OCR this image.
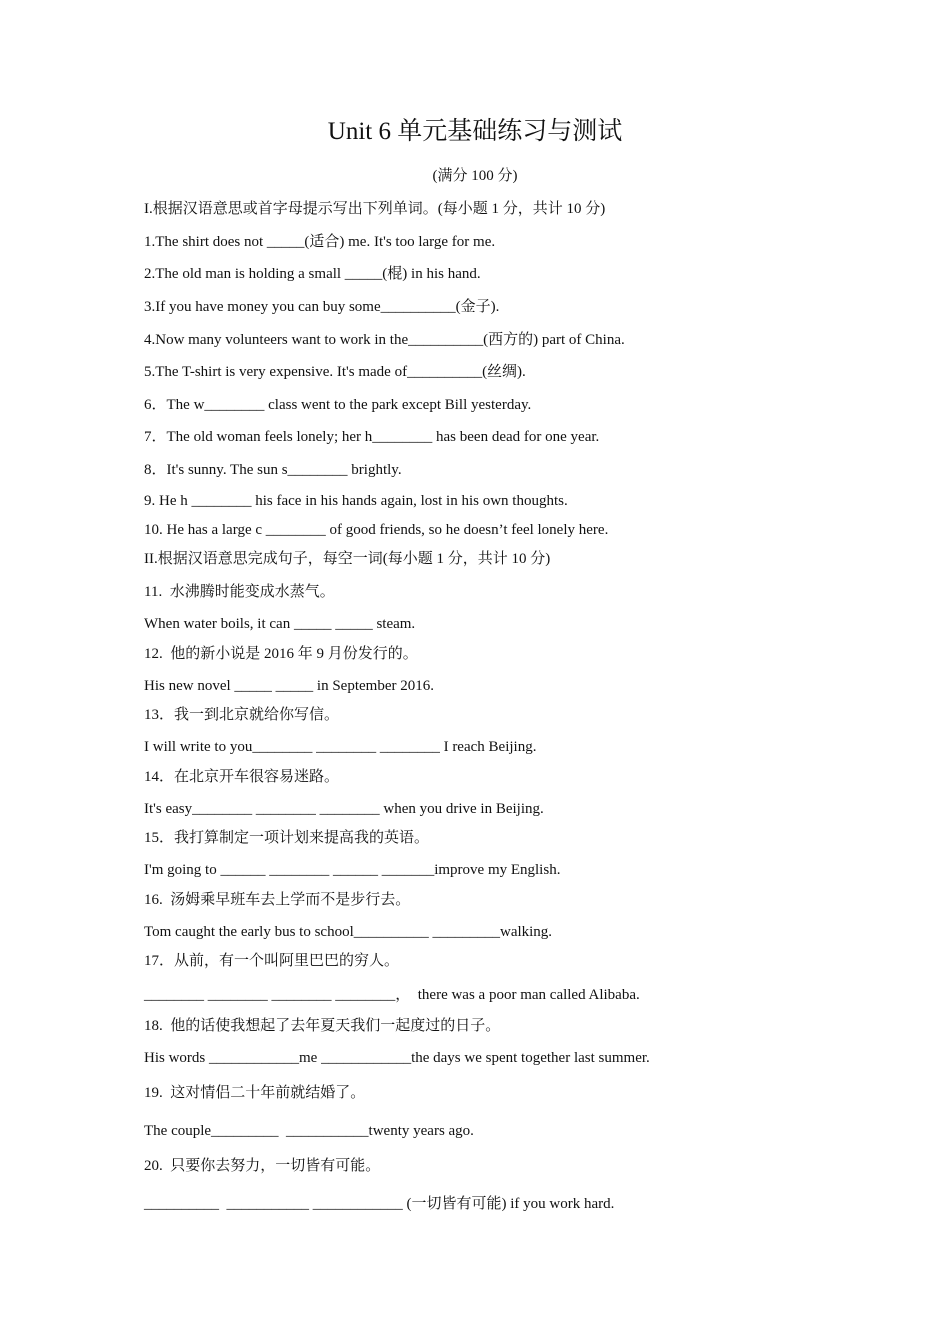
Unit 6 单元基础练习与测试
(满分 100 分)
I.根据汉语意思或首字母提示写出下列单词。(每小题 1 分，共计 10 分)
1.The shirt does not _____(适合) me. It's too large for me.
2.The old man is holding a small _____(棍) in his hand.
3.If you have money you can buy some__________(金子).
4.Now many volunteers want to work in the__________(西方的) part of China.
5.The T-shirt is very expensive. It's made of__________(丝绸).
6．The w________ class went to the park except Bill yesterday.
7．The old woman feels lonely; her h________ has been dead for one year.
8．It's sunny. The sun s________ brightly.
9. He h ________ his face in his hands again, lost in his own thoughts.
10. He has a large c ________ of good friends, so he doesn’t feel lonely here.
II.根据汉语意思完成句子，每空一词(每小题 1 分，共计 10 分)
11.  水沸腾时能变成水蒸气。
When water boils, it can _____ _____ steam.
12.  他的新小说是 2016 年 9 月份发行的。
His new novel _____ _____ in September 2016.
13．我一到北京就给你写信。
I will write to you________ ________ ________ I reach Beijing.
14．在北京开车很容易迷路。
It's easy________ ________ ________ when you drive in Beijing.
15．我打算制定一项计划来提高我的英语。
I'm going to ______ ________ ______ _______improve my English.
16.  汤姆乘早班车去上学而不是步行去。
Tom caught the early bus to school__________ _________walking.
17．从前，有一个叫阿里巴巴的穷人。
________ ________ ________ ________，  there was a poor man called Alibaba.
18.  他的话使我想起了去年夏天我们一起度过的日子。
His words ____________me ____________the days we spent together last summer.
19.  这对情侣二十年前就结婚了。
The couple_________  ___________twenty years ago.
20.  只要你去努力，一切皆有可能。
__________  ___________ ____________ (一切皆有可能) if you work hard.
